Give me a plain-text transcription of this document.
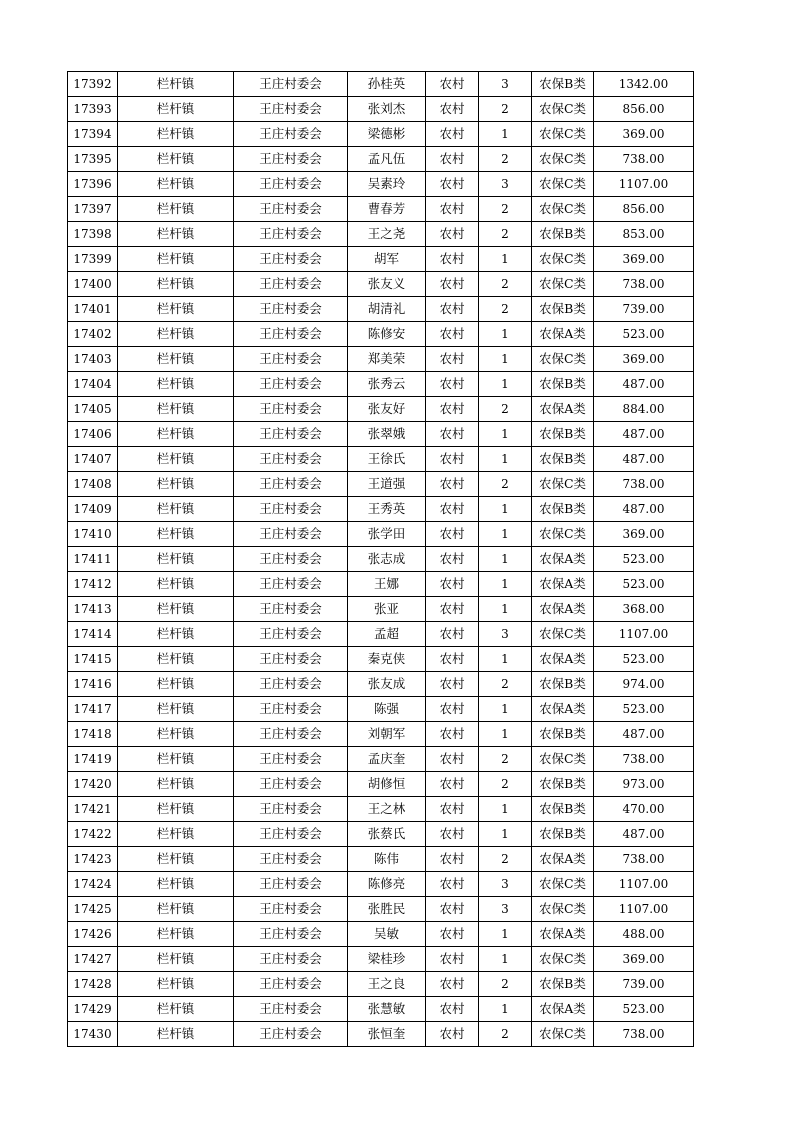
17392	栏杆镇	王庄村委会	孙桂英	农村	3	农保B类	1342.00
17393	栏杆镇	王庄村委会	张刘杰	农村	2	农保C类	856.00
17394	栏杆镇	王庄村委会	梁德彬	农村	1	农保C类	369.00
17395	栏杆镇	王庄村委会	孟凡伍	农村	2	农保C类	738.00
17396	栏杆镇	王庄村委会	吴素玲	农村	3	农保C类	1107.00
17397	栏杆镇	王庄村委会	曹春芳	农村	2	农保C类	856.00
17398	栏杆镇	王庄村委会	王之尧	农村	2	农保B类	853.00
17399	栏杆镇	王庄村委会	胡军	农村	1	农保C类	369.00
17400	栏杆镇	王庄村委会	张友义	农村	2	农保C类	738.00
17401	栏杆镇	王庄村委会	胡清礼	农村	2	农保B类	739.00
17402	栏杆镇	王庄村委会	陈修安	农村	1	农保A类	523.00
17403	栏杆镇	王庄村委会	郑美荣	农村	1	农保C类	369.00
17404	栏杆镇	王庄村委会	张秀云	农村	1	农保B类	487.00
17405	栏杆镇	王庄村委会	张友好	农村	2	农保A类	884.00
17406	栏杆镇	王庄村委会	张翠娥	农村	1	农保B类	487.00
17407	栏杆镇	王庄村委会	王徐氏	农村	1	农保B类	487.00
17408	栏杆镇	王庄村委会	王道强	农村	2	农保C类	738.00
17409	栏杆镇	王庄村委会	王秀英	农村	1	农保B类	487.00
17410	栏杆镇	王庄村委会	张学田	农村	1	农保C类	369.00
17411	栏杆镇	王庄村委会	张志成	农村	1	农保A类	523.00
17412	栏杆镇	王庄村委会	王娜	农村	1	农保A类	523.00
17413	栏杆镇	王庄村委会	张亚	农村	1	农保A类	368.00
17414	栏杆镇	王庄村委会	孟超	农村	3	农保C类	1107.00
17415	栏杆镇	王庄村委会	秦克侠	农村	1	农保A类	523.00
17416	栏杆镇	王庄村委会	张友成	农村	2	农保B类	974.00
17417	栏杆镇	王庄村委会	陈强	农村	1	农保A类	523.00
17418	栏杆镇	王庄村委会	刘朝军	农村	1	农保B类	487.00
17419	栏杆镇	王庄村委会	孟庆奎	农村	2	农保C类	738.00
17420	栏杆镇	王庄村委会	胡修恒	农村	2	农保B类	973.00
17421	栏杆镇	王庄村委会	王之林	农村	1	农保B类	470.00
17422	栏杆镇	王庄村委会	张蔡氏	农村	1	农保B类	487.00
17423	栏杆镇	王庄村委会	陈伟	农村	2	农保A类	738.00
17424	栏杆镇	王庄村委会	陈修亮	农村	3	农保C类	1107.00
17425	栏杆镇	王庄村委会	张胜民	农村	3	农保C类	1107.00
17426	栏杆镇	王庄村委会	吴敏	农村	1	农保A类	488.00
17427	栏杆镇	王庄村委会	梁桂珍	农村	1	农保C类	369.00
17428	栏杆镇	王庄村委会	王之良	农村	2	农保B类	739.00
17429	栏杆镇	王庄村委会	张慧敏	农村	1	农保A类	523.00
17430	栏杆镇	王庄村委会	张恒奎	农村	2	农保C类	738.00
